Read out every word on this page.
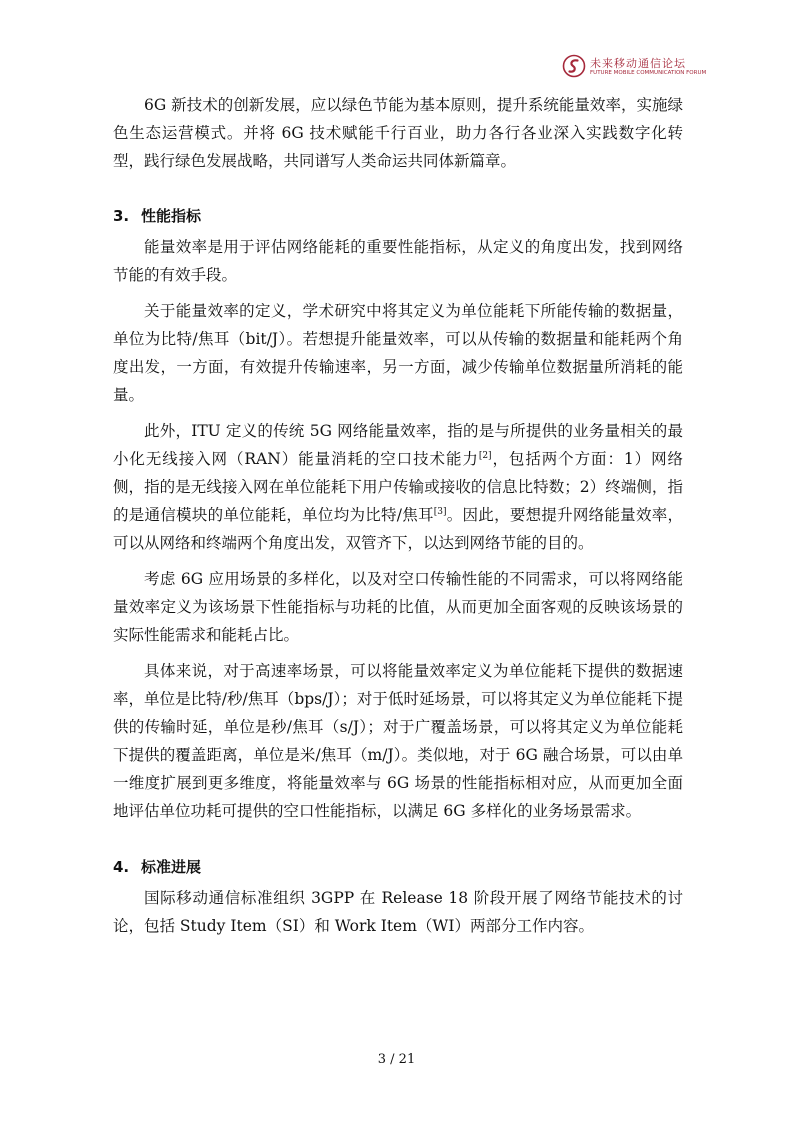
未来移动通信论坛
FUTURE MOBILE COMMUNICATION FORUM

6G 新技术的创新发展，应以绿色节能为基本原则，提升系统能量效率，实施绿色生态运营模式。并将 6G 技术赋能千行百业，助力各行各业深入实践数字化转型，践行绿色发展战略，共同谱写人类命运共同体新篇章。

3. 性能指标

能量效率是用于评估网络能耗的重要性能指标，从定义的角度出发，找到网络节能的有效手段。

关于能量效率的定义，学术研究中将其定义为单位能耗下所能传输的数据量，单位为比特/焦耳（bit/J）。若想提升能量效率，可以从传输的数据量和能耗两个角度出发，一方面，有效提升传输速率，另一方面，减少传输单位数据量所消耗的能量。

此外，ITU 定义的传统 5G 网络能量效率，指的是与所提供的业务量相关的最小化无线接入网（RAN）能量消耗的空口技术能力[2]，包括两个方面：1）网络侧，指的是无线接入网在单位能耗下用户传输或接收的信息比特数；2）终端侧，指的是通信模块的单位能耗，单位均为比特/焦耳[3]。因此，要想提升网络能量效率，可以从网络和终端两个角度出发，双管齐下，以达到网络节能的目的。

考虑 6G 应用场景的多样化，以及对空口传输性能的不同需求，可以将网络能量效率定义为该场景下性能指标与功耗的比值，从而更加全面客观的反映该场景的实际性能需求和能耗占比。

具体来说，对于高速率场景，可以将能量效率定义为单位能耗下提供的数据速率，单位是比特/秒/焦耳（bps/J）；对于低时延场景，可以将其定义为单位能耗下提供的传输时延，单位是秒/焦耳（s/J）；对于广覆盖场景，可以将其定义为单位能耗下提供的覆盖距离，单位是米/焦耳（m/J）。类似地，对于 6G 融合场景，可以由单一维度扩展到更多维度，将能量效率与 6G 场景的性能指标相对应，从而更加全面地评估单位功耗可提供的空口性能指标，以满足 6G 多样化的业务场景需求。

4. 标准进展

国际移动通信标准组织 3GPP 在 Release 18 阶段开展了网络节能技术的讨论，包括 Study Item（SI）和 Work Item（WI）两部分工作内容。

3 / 21
